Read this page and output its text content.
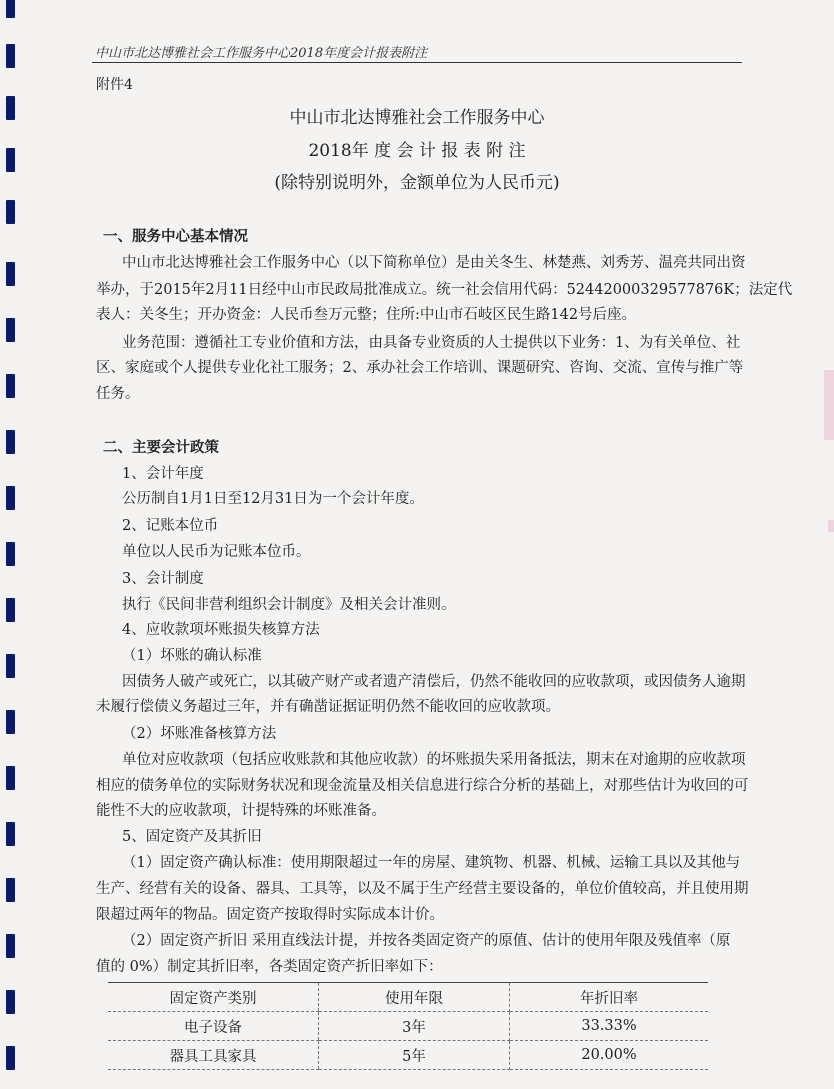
中山市北达博雅社会工作服务中心2018年度会计报表附注
附件4
中山市北达博雅社会工作服务中心
2018年 度 会 计 报 表 附 注
(除特别说明外，金额单位为人民币元)
一、服务中心基本情况
中山市北达博雅社会工作服务中心（以下简称单位）是由关冬生、林楚燕、刘秀芳、温亮共同出资
举办，于2015年2月11日经中山市民政局批准成立。统一社会信用代码：52442000329577876K；法定代
表人：关冬生；开办资金：人民币叁万元整；住所:中山市石岐区民生路142号后座。
业务范围：遵循社工专业价值和方法，由具备专业资质的人士提供以下业务：1、为有关单位、社
区、家庭或个人提供专业化社工服务；2、承办社会工作培训、课题研究、咨询、交流、宣传与推广等
任务。
二、主要会计政策
1、会计年度
公历制自1月1日至12月31日为一个会计年度。
2、记账本位币
单位以人民币为记账本位币。
3、会计制度
执行《民间非营利组织会计制度》及相关会计准则。
4、应收款项坏账损失核算方法
（1）坏账的确认标准
因债务人破产或死亡，以其破产财产或者遗产清偿后，仍然不能收回的应收款项，或因债务人逾期
未履行偿债义务超过三年，并有确凿证据证明仍然不能收回的应收款项。
（2）坏账准备核算方法
单位对应收款项（包括应收账款和其他应收款）的坏账损失采用备抵法，期末在对逾期的应收款项
相应的债务单位的实际财务状况和现金流量及相关信息进行综合分析的基础上，对那些估计为收回的可
能性不大的应收款项，计提特殊的坏账准备。
5、固定资产及其折旧
（1）固定资产确认标准：使用期限超过一年的房屋、建筑物、机器、机械、运输工具以及其他与
生产、经营有关的设备、器具、工具等，以及不属于生产经营主要设备的，单位价值较高，并且使用期
限超过两年的物品。固定资产按取得时实际成本计价。
（2）固定资产折旧 采用直线法计提，并按各类固定资产的原值、估计的使用年限及残值率（原
值的 0%）制定其折旧率，各类固定资产折旧率如下：
固定资产类别	使用年限	年折旧率
电子设备	3年	33.33%
器具工具家具	5年	20.00%
